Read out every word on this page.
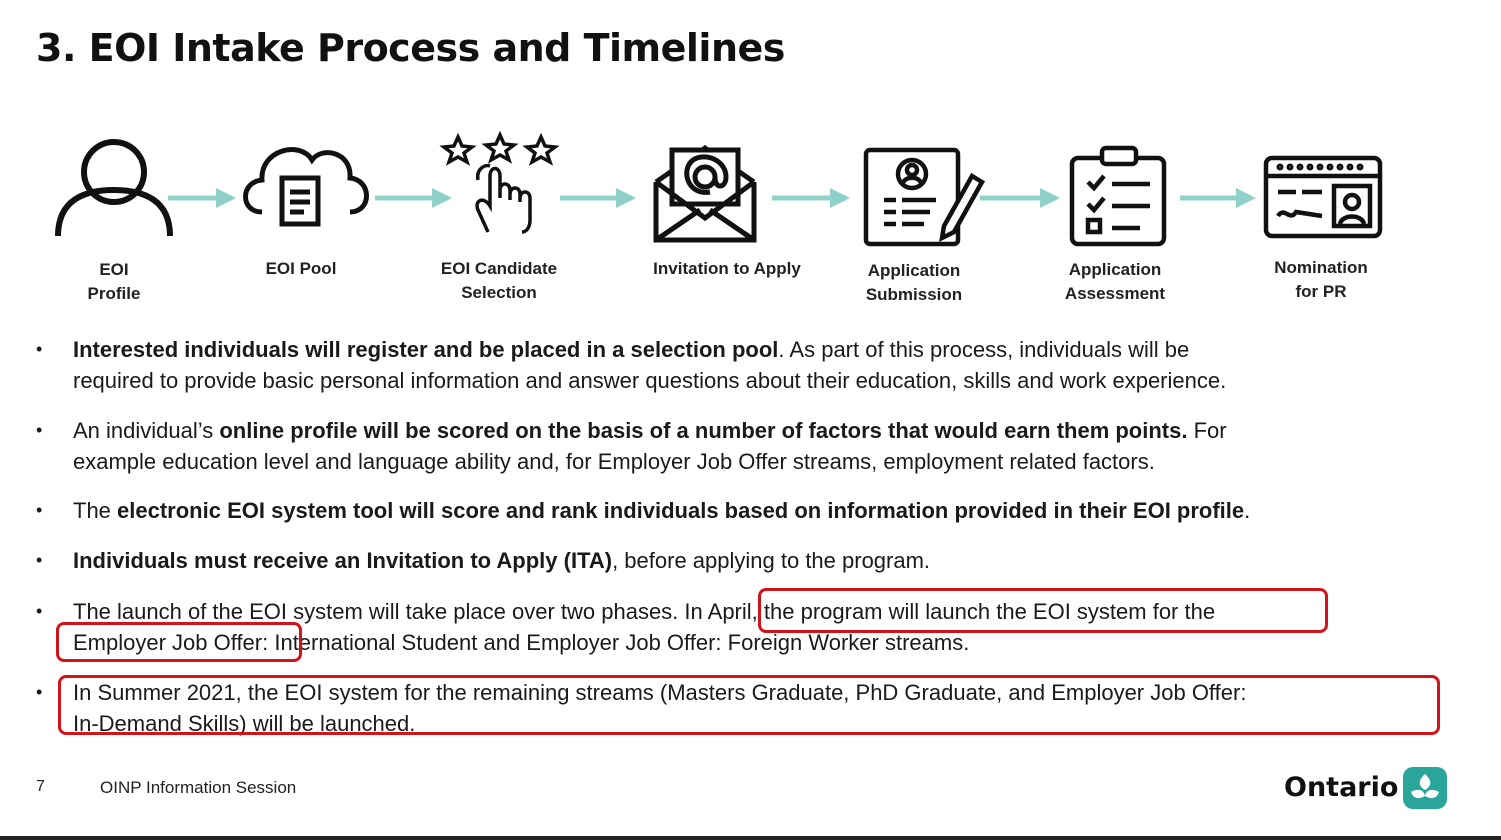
3. EOI Intake Process and Timelines
EOI
Profile
EOI Pool	EOI Candidate
Selection
Invitation to Apply	Application
Submission
Application
Assessment
Nomination
for PR
• Interested individuals will register and be placed in a selection pool. As part of this process, individuals will be
required to provide basic personal information and answer questions about their education, skills and work experience.
• An individual’s online profile will be scored on the basis of a number of factors that would earn them points. For
example education level and language ability and, for Employer Job Offer streams, employment related factors.
• The electronic EOI system tool will score and rank individuals based on information provided in their EOI profile.
• Individuals must receive an Invitation to Apply (ITA), before applying to the program.
• The launch of the EOI system will take place over two phases. In April, the program will launch the EOI system for the
Employer Job Offer: International Student and Employer Job Offer: Foreign Worker streams.
• In Summer 2021, the EOI system for the remaining streams (Masters Graduate, PhD Graduate, and Employer Job Offer:
In-Demand Skills) will be launched.
7	OINP Information Session	Ontario
